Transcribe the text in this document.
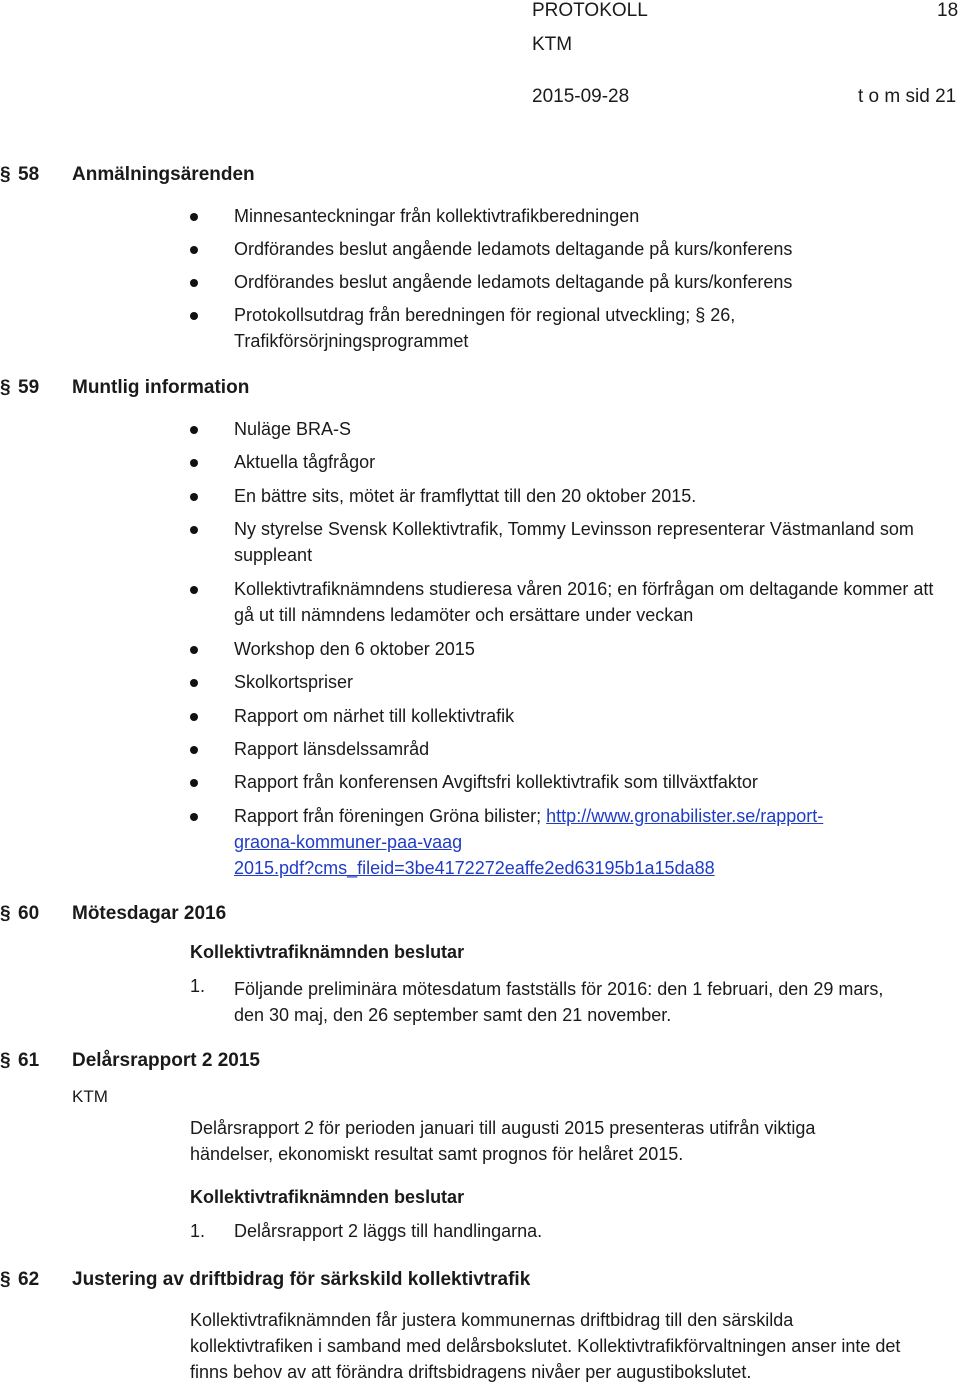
PROTOKOLL	18
KTM
2015-09-28	t o m sid 21
§ 58 Anmälningsärenden
Minnesanteckningar från kollektivtrafikberedningen
Ordförandes beslut angående ledamots deltagande på kurs/konferens
Ordförandes beslut angående ledamots deltagande på kurs/konferens
Protokollsutdrag från beredningen för regional utveckling; § 26, Trafikförsörjningsprogrammet
§ 59 Muntlig information
Nuläge BRA-S
Aktuella tågfrågor
En bättre sits, mötet är framflyttat till den 20 oktober 2015.
Ny styrelse Svensk Kollektivtrafik, Tommy Levinsson representerar Västmanland som suppleant
Kollektivtrafiknämndens studieresa våren 2016; en förfrågan om deltagande kommer att gå ut till nämndens ledamöter och ersättare under veckan
Workshop den 6 oktober 2015
Skolkortspriser
Rapport om närhet till kollektivtrafik
Rapport länsdelssamråd
Rapport från konferensen Avgiftsfri kollektivtrafik som tillväxtfaktor
Rapport från föreningen Gröna bilister; http://www.gronabilister.se/rapport-
graona-kommuner-paa-vaag
2015.pdf?cms_fileid=3be4172272eaffe2ed63195b1a15da88
§ 60 Mötesdagar 2016
Kollektivtrafiknämnden beslutar
1. Följande preliminära mötesdatum fastställs för 2016: den 1 februari, den 29 mars, den 30 maj, den 26 september samt den 21 november.
§ 61 Delårsrapport 2 2015
KTM
Delårsrapport 2 för perioden januari till augusti 2015 presenteras utifrån viktiga händelser, ekonomiskt resultat samt prognos för helåret 2015.
Kollektivtrafiknämnden beslutar
1. Delårsrapport 2 läggs till handlingarna.
§ 62 Justering av driftbidrag för särkskild kollektivtrafik
Kollektivtrafiknämnden får justera kommunernas driftbidrag till den särskilda kollektivtrafiken i samband med delårsbokslutet. Kollektivtrafikförvaltningen anser inte det finns behov av att förändra driftsbidragens nivåer per augustibokslutet.
